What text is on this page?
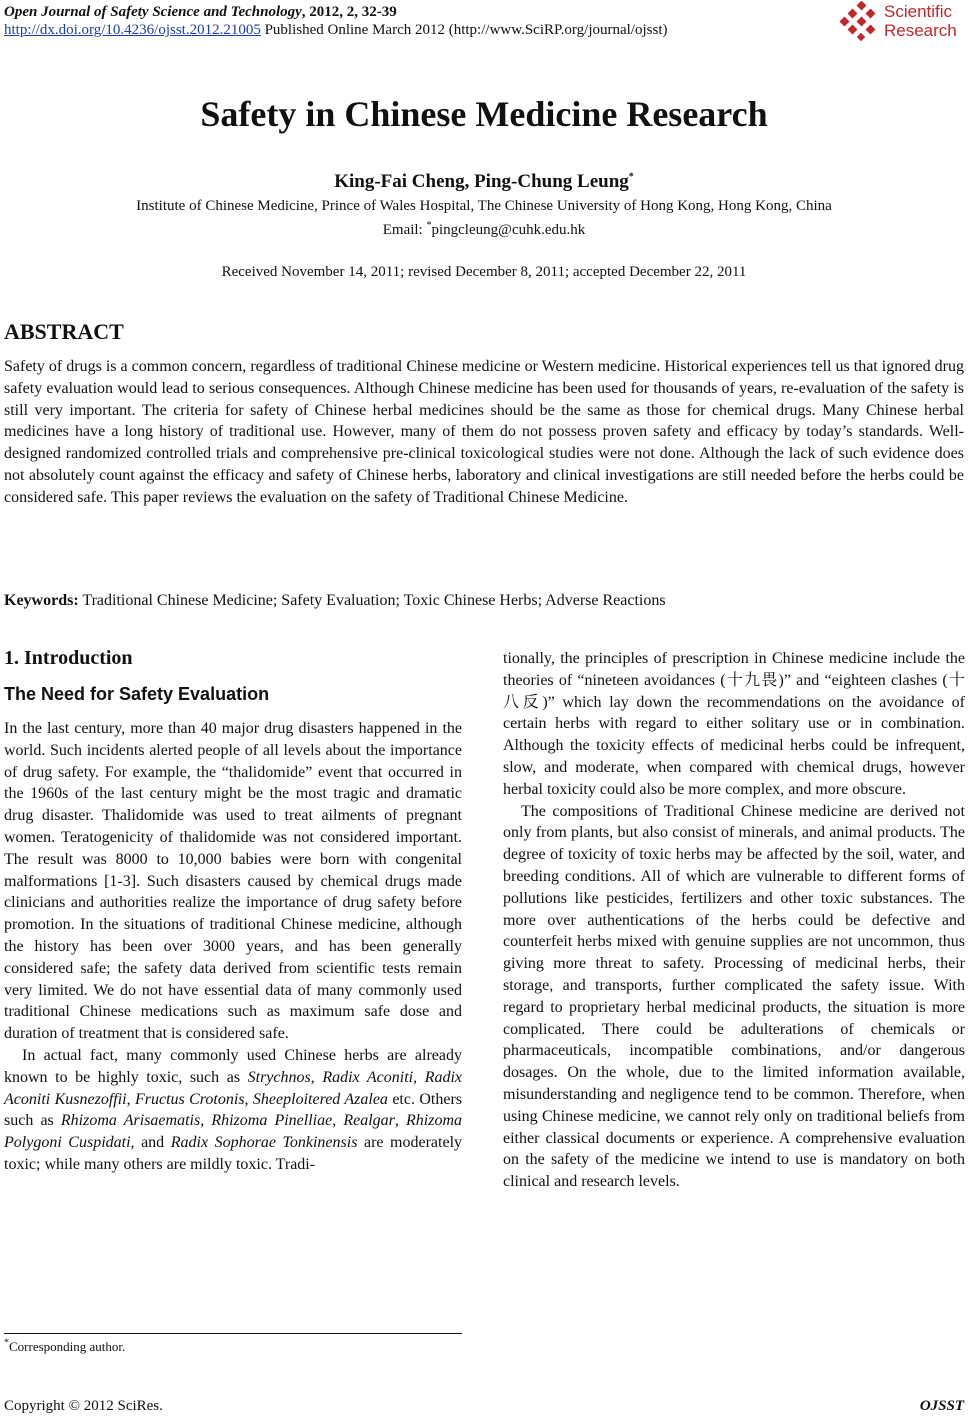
Open Journal of Safety Science and Technology, 2012, 2, 32-39
http://dx.doi.org/10.4236/ojsst.2012.21005 Published Online March 2012 (http://www.SciRP.org/journal/ojsst)
Scientific
Research
Safety in Chinese Medicine Research
King-Fai Cheng, Ping-Chung Leung*
Institute of Chinese Medicine, Prince of Wales Hospital, The Chinese University of Hong Kong, Hong Kong, China
Email: *pingcleung@cuhk.edu.hk
Received November 14, 2011; revised December 8, 2011; accepted December 22, 2011
ABSTRACT
Safety of drugs is a common concern, regardless of traditional Chinese medicine or Western medicine. Historical experiences tell us that ignored drug safety evaluation would lead to serious consequences. Although Chinese medicine has been used for thousands of years, re-evaluation of the safety is still very important. The criteria for safety of Chinese herbal medicines should be the same as those for chemical drugs. Many Chinese herbal medicines have a long history of traditional use. However, many of them do not possess proven safety and efficacy by today’s standards. Well-designed randomized controlled trials and comprehensive pre-clinical toxicological studies were not done. Although the lack of such evidence does not absolutely count against the efficacy and safety of Chinese herbs, laboratory and clinical investigations are still needed before the herbs could be considered safe. This paper reviews the evaluation on the safety of Traditional Chinese Medicine.
Keywords: Traditional Chinese Medicine; Safety Evaluation; Toxic Chinese Herbs; Adverse Reactions
1. Introduction
The Need for Safety Evaluation

In the last century, more than 40 major drug disasters happened in the world. Such incidents alerted people of all levels about the importance of drug safety. For example, the “thalidomide” event that occurred in the 1960s of the last century might be the most tragic and dramatic drug disaster. Thalidomide was used to treat ailments of pregnant women. Teratogenicity of thalidomide was not considered important. The result was 8000 to 10,000 babies were born with congenital malformations [1-3]. Such disasters caused by chemical drugs made clinicians and authorities realize the importance of drug safety before promotion. In the situations of traditional Chinese medicine, although the history has been over 3000 years, and has been generally considered safe; the safety data derived from scientific tests remain very limited. We do not have essential data of many commonly used traditional Chinese medications such as maximum safe dose and duration of treatment that is considered safe.

In actual fact, many commonly used Chinese herbs are already known to be highly toxic, such as Strychnos, Radix Aconiti, Radix Aconiti Kusnezoffii, Fructus Crotonis, Sheeploitered Azalea etc. Others such as Rhizoma Arisaematis, Rhizoma Pinelliae, Realgar, Rhizoma Polygoni Cuspidati, and Radix Sophorae Tonkinensis are moderately toxic; while many others are mildly toxic. Tradi-

tionally, the principles of prescription in Chinese medicine include the theories of “nineteen avoidances (十九畏)” and “eighteen clashes (十八反)” which lay down the recommendations on the avoidance of certain herbs with regard to either solitary use or in combination. Although the toxicity effects of medicinal herbs could be infrequent, slow, and moderate, when compared with chemical drugs, however herbal toxicity could also be more complex, and more obscure.

The compositions of Traditional Chinese medicine are derived not only from plants, but also consist of minerals, and animal products. The degree of toxicity of toxic herbs may be affected by the soil, water, and breeding conditions. All of which are vulnerable to different forms of pollutions like pesticides, fertilizers and other toxic substances. The more over authentications of the herbs could be defective and counterfeit herbs mixed with genuine supplies are not uncommon, thus giving more threat to safety. Processing of medicinal herbs, their storage, and transports, further complicated the safety issue. With regard to proprietary herbal medicinal products, the situation is more complicated. There could be adulterations of chemicals or pharmaceuticals, incompatible combinations, and/or dangerous dosages. On the whole, due to the limited information available, misunderstanding and negligence tend to be common. Therefore, when using Chinese medicine, we cannot rely only on traditional beliefs from either classical documents or experience. A comprehensive evaluation on the safety of the medicine we intend to use is mandatory on both clinical and research levels.

*Corresponding author.
Copyright © 2012 SciRes.	OJSST
